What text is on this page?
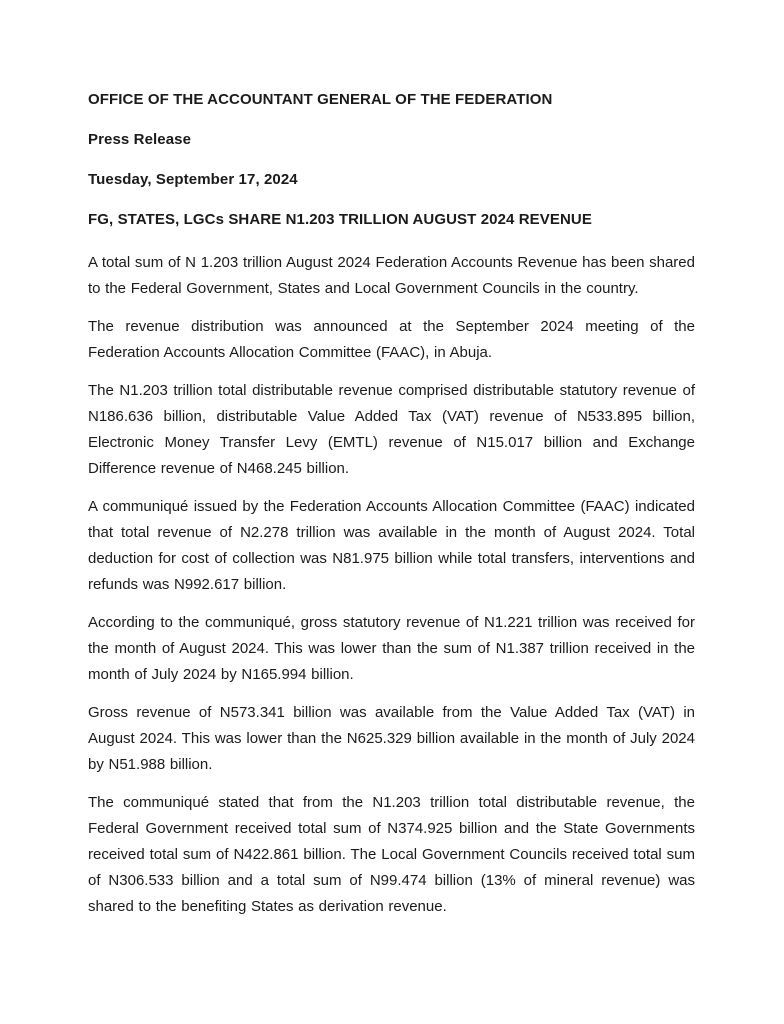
OFFICE OF THE ACCOUNTANT GENERAL OF THE FEDERATION
Press Release
Tuesday, September 17, 2024
FG, STATES, LGCs SHARE N1.203 TRILLION AUGUST 2024 REVENUE

A total sum of N 1.203 trillion August 2024 Federation Accounts Revenue has been shared to the Federal Government, States and Local Government Councils in the country.

The revenue distribution was announced at the September 2024 meeting of the Federation Accounts Allocation Committee (FAAC), in Abuja.

The N1.203 trillion total distributable revenue comprised distributable statutory revenue of N186.636 billion, distributable Value Added Tax (VAT) revenue of N533.895 billion, Electronic Money Transfer Levy (EMTL) revenue of N15.017 billion and Exchange Difference revenue of N468.245 billion.

A communiqué issued by the Federation Accounts Allocation Committee (FAAC) indicated that total revenue of N2.278 trillion was available in the month of August 2024. Total deduction for cost of collection was N81.975 billion while total transfers, interventions and refunds was N992.617 billion.

According to the communiqué, gross statutory revenue of N1.221 trillion was received for the month of August 2024. This was lower than the sum of N1.387 trillion received in the month of July 2024 by N165.994 billion.

Gross revenue of N573.341 billion was available from the Value Added Tax (VAT) in August 2024. This was lower than the N625.329 billion available in the month of July 2024 by N51.988 billion.

The communiqué stated that from the N1.203 trillion total distributable revenue, the Federal Government received total sum of N374.925 billion and the State Governments received total sum of N422.861 billion. The Local Government Councils received total sum of N306.533 billion and a total sum of N99.474 billion (13% of mineral revenue) was shared to the benefiting States as derivation revenue.
